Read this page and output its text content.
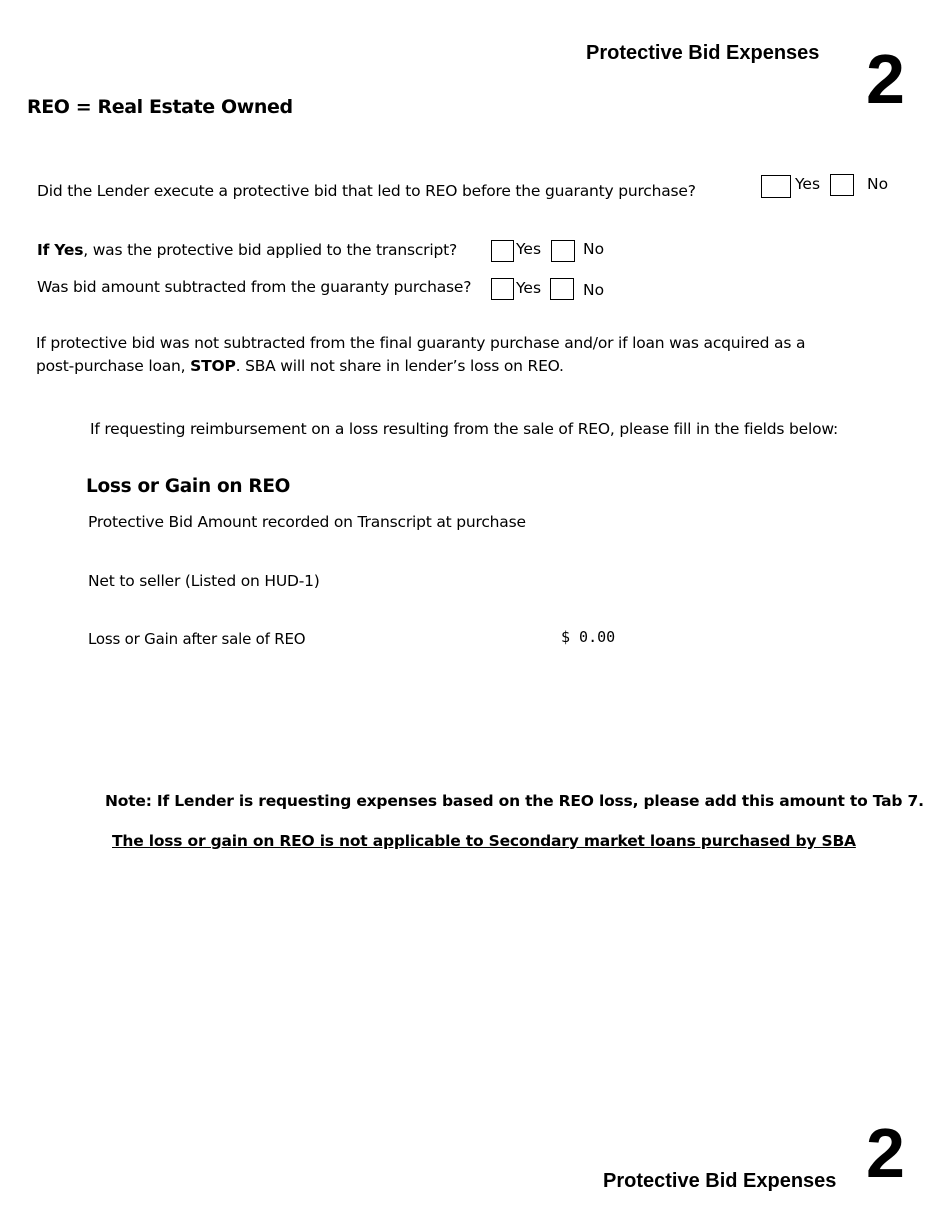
Protective Bid Expenses 2
REO = Real Estate Owned
Did the Lender execute a protective bid that led to REO before the guaranty purchase?	Yes	No
If Yes, was the protective bid applied to the transcript?	Yes	No
Was bid amount subtracted from the guaranty purchase?	Yes	No
If protective bid was not subtracted from the final guaranty purchase and/or if loan was acquired as a
post-purchase loan, STOP. SBA will not share in lender’s loss on REO.
If requesting reimbursement on a loss resulting from the sale of REO, please fill in the fields below:
Loss or Gain on REO
Protective Bid Amount recorded on Transcript at purchase
Net to seller (Listed on HUD-1)
Loss or Gain after sale of REO	$ 0.00
Note: If Lender is requesting expenses based on the REO loss, please add this amount to Tab 7.
The loss or gain on REO is not applicable to Secondary market loans purchased by SBA
Protective Bid Expenses 2
